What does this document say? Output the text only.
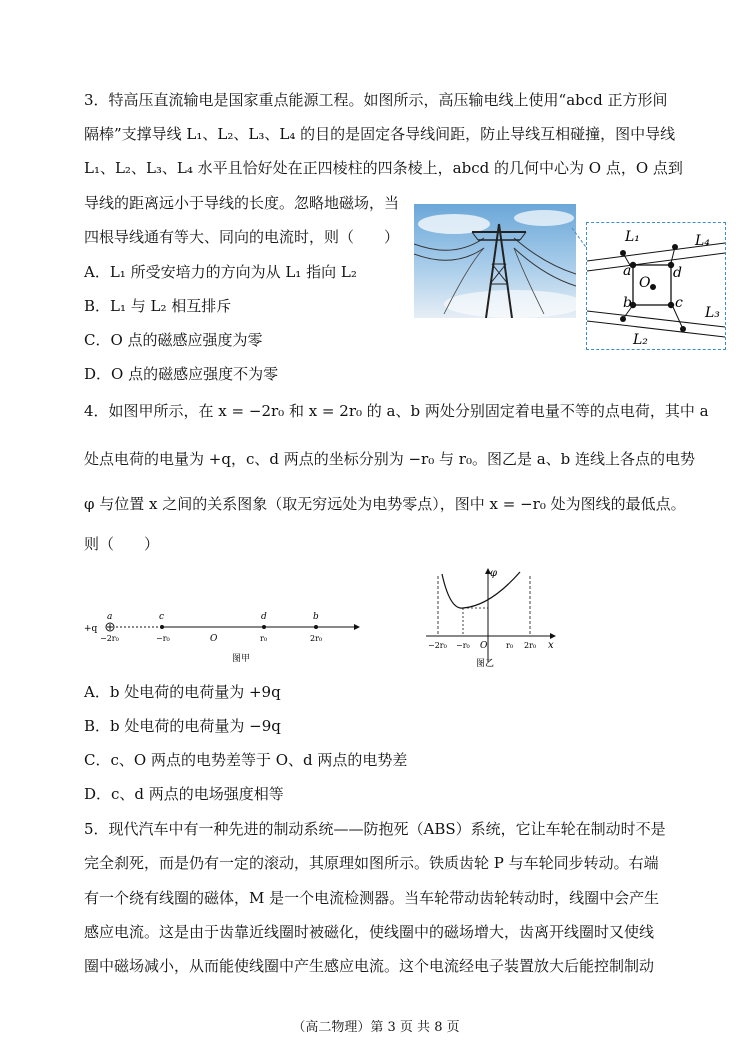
3．特高压直流输电是国家重点能源工程。如图所示，高压输电线上使用“abcd 正方形间
隔棒”支撑导线 L₁、L₂、L₃、L₄ 的目的是固定各导线间距，防止导线互相碰撞，图中导线
L₁、L₂、L₃、L₄ 水平且恰好处在正四棱柱的四条棱上，abcd 的几何中心为 O 点，O 点到
导线的距离远小于导线的长度。忽略地磁场，当
四根导线通有等大、同向的电流时，则（　　）
A．L₁ 所受安培力的方向为从 L₁ 指向 L₂
B．L₁ 与 L₂ 相互排斥
C．O 点的磁感应强度为零
D．O 点的磁感应强度不为零
L₁	L₄
L₃
L₂
a	d
b	c
O
4．如图甲所示，在 x = −2r₀ 和 x = 2r₀ 的 a、b 两处分别固定着电量不等的点电荷，其中 a
处点电荷的电量为 +q，c、d 两点的坐标分别为 −r₀ 与 r₀。图乙是 a、b 连线上各点的电势
φ 与位置 x 之间的关系图象（取无穷远处为电势零点），图中 x = −r₀ 处为图线的最低点。
则（　　）
+q
a	c	d	b
−2r₀	−r₀	O	r₀	2r₀
图甲
φ
x
−2r₀ −r₀ O r₀ 2r₀
图乙
A．b 处电荷的电荷量为 +9q
B．b 处电荷的电荷量为 −9q
C．c、O 两点的电势差等于 O、d 两点的电势差
D．c、d 两点的电场强度相等
5．现代汽车中有一种先进的制动系统——防抱死（ABS）系统，它让车轮在制动时不是
完全刹死，而是仍有一定的滚动，其原理如图所示。铁质齿轮 P 与车轮同步转动。右端
有一个绕有线圈的磁体，M 是一个电流检测器。当车轮带动齿轮转动时，线圈中会产生
感应电流。这是由于齿靠近线圈时被磁化，使线圈中的磁场增大，齿离开线圈时又使线
圈中磁场减小，从而能使线圈中产生感应电流。这个电流经电子装置放大后能控制制动
（高二物理）第 3 页 共 8 页
